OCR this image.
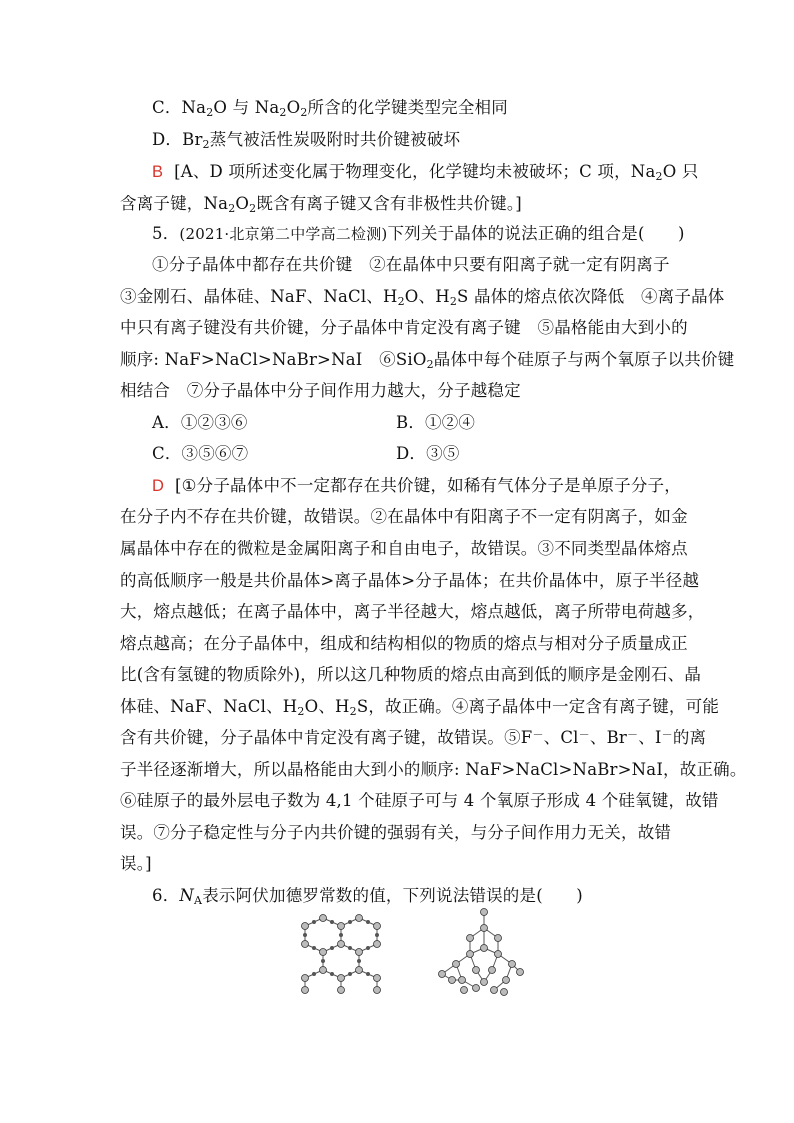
C．$Na_2O$ 与 $Na_2O_2$所含的化学键类型完全相同
D．$Br_2$蒸气被活性炭吸附时共价键被破坏
B [A、D 项所述变化属于物理变化，化学键均未被破坏；C 项，$Na_2O$ 只
含离子键，$Na_2O_2$既含有离子键又含有非极性共价键。]
5．(2021·北京第二中学高二检测)下列关于晶体的说法正确的组合是(　　)
①分子晶体中都存在共价键　②在晶体中只要有阳离子就一定有阴离子
③金刚石、晶体硅、NaF、NaCl、$H_2O$、$H_2S$ 晶体的熔点依次降低　④离子晶体
中只有离子键没有共价键，分子晶体中肯定没有离子键　⑤晶格能由大到小的
顺序: NaF>NaCl>NaBr>NaI　⑥SiO$_2$晶体中每个硅原子与两个氧原子以共价键
相结合　⑦分子晶体中分子间作用力越大，分子越稳定
A．①②③⑥	B．①②④
C．③⑤⑥⑦	D．③⑤
D [①分子晶体中不一定都存在共价键，如稀有气体分子是单原子分子，
在分子内不存在共价键，故错误。②在晶体中有阳离子不一定有阴离子，如金
属晶体中存在的微粒是金属阳离子和自由电子，故错误。③不同类型晶体熔点
的高低顺序一般是共价晶体>离子晶体>分子晶体；在共价晶体中，原子半径越
大，熔点越低；在离子晶体中，离子半径越大，熔点越低，离子所带电荷越多，
熔点越高；在分子晶体中，组成和结构相似的物质的熔点与相对分子质量成正
比(含有氢键的物质除外)，所以这几种物质的熔点由高到低的顺序是金刚石、晶
体硅、NaF、NaCl、$H_2O$、$H_2S$，故正确。④离子晶体中一定含有离子键，可能
含有共价键，分子晶体中肯定没有离子键，故错误。⑤F－、Cl－、Br－、I－的离
子半径逐渐增大，所以晶格能由大到小的顺序: NaF>NaCl>NaBr>NaI，故正确。
⑥硅原子的最外层电子数为 4,1 个硅原子可与 4 个氧原子形成 4 个硅氧键，故错
误。⑦分子稳定性与分子内共价键的强弱有关，与分子间作用力无关，故错
误。]
6．$N_A$表示阿伏加德罗常数的值，下列说法错误的是(　　)
